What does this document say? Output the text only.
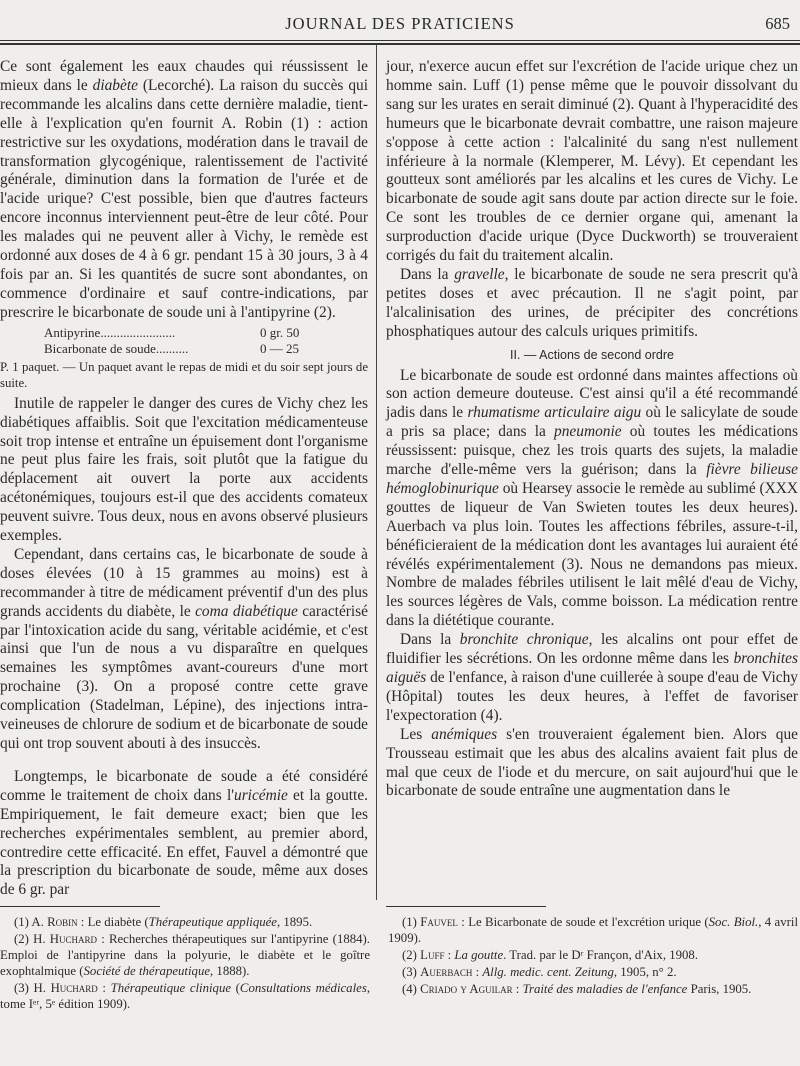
JOURNAL DES PRATICIENS	685

Ce sont également les eaux chaudes qui réussissent le mieux dans le diabète (Lecorché). La raison du succès qui recommande les alcalins dans cette dernière maladie, tient-elle à l'explication qu'en fournit A. Robin (1) : action restrictive sur les oxydations, modération dans le travail de transformation glycogénique, ralentissement de l'activité générale, diminution dans la formation de l'urée et de l'acide urique? C'est possible, bien que d'autres facteurs encore inconnus interviennent peut-être de leur côté. Pour les malades qui ne peuvent aller à Vichy, le remède est ordonné aux doses de 4 à 6 gr. pendant 15 à 30 jours, 3 à 4 fois par an. Si les quantités de sucre sont abondantes, on commence d'ordinaire et sauf contre-indications, par prescrire le bicarbonate de soude uni à l'antipyrine (2).

Antipyrine.......................	0 gr. 50
Bicarbonate de soude..........	0 — 25

P. 1 paquet. — Un paquet avant le repas de midi et du soir sept jours de suite.

Inutile de rappeler le danger des cures de Vichy chez les diabétiques affaiblis. Soit que l'excitation médicamenteuse soit trop intense et entraîne un épuisement dont l'organisme ne peut plus faire les frais, soit plutôt que la fatigue du déplacement ait ouvert la porte aux accidents acétonémiques, toujours est-il que des accidents comateux peuvent suivre. Tous deux, nous en avons observé plusieurs exemples.

Cependant, dans certains cas, le bicarbonate de soude à doses élevées (10 à 15 grammes au moins) est à recommander à titre de médicament préventif d'un des plus grands accidents du diabète, le coma diabétique caractérisé par l'intoxication acide du sang, véritable acidémie, et c'est ainsi que l'un de nous a vu disparaître en quelques semaines les symptômes avant-coureurs d'une mort prochaine (3). On a proposé contre cette grave complication (Stadelman, Lépine), des injections intra-veineuses de chlorure de sodium et de bicarbonate de soude qui ont trop souvent abouti à des insuccès.

Longtemps, le bicarbonate de soude a été considéré comme le traitement de choix dans l'uricémie et la goutte. Empiriquement, le fait demeure exact; bien que les recherches expérimentales semblent, au premier abord, contredire cette efficacité. En effet, Fauvel a démontré que la prescription du bicarbonate de soude, même aux doses de 6 gr. par

jour, n'exerce aucun effet sur l'excrétion de l'acide urique chez un homme sain. Luff (1) pense même que le pouvoir dissolvant du sang sur les urates en serait diminué (2). Quant à l'hyperacidité des humeurs que le bicarbonate devrait combattre, une raison majeure s'oppose à cette action : l'alcalinité du sang n'est nullement inférieure à la normale (Klemperer, M. Lévy). Et cependant les goutteux sont améliorés par les alcalins et les cures de Vichy. Le bicarbonate de soude agit sans doute par action directe sur le foie. Ce sont les troubles de ce dernier organe qui, amenant la surproduction d'acide urique (Dyce Duckworth) se trouveraient corrigés du fait du traitement alcalin.

Dans la gravelle, le bicarbonate de soude ne sera prescrit qu'à petites doses et avec précaution. Il ne s'agit point, par l'alcalinisation des urines, de précipiter des concrétions phosphatiques autour des calculs uriques primitifs.

II. — Actions de second ordre

Le bicarbonate de soude est ordonné dans maintes affections où son action demeure douteuse. C'est ainsi qu'il a été recommandé jadis dans le rhumatisme articulaire aigu où le salicylate de soude a pris sa place; dans la pneumonie où toutes les médications réussissent: puisque, chez les trois quarts des sujets, la maladie marche d'elle-même vers la guérison; dans la fièvre bilieuse hémoglobinurique où Hearsey associe le remède au sublimé (XXX gouttes de liqueur de Van Swieten toutes les deux heures). Auerbach va plus loin. Toutes les affections fébriles, assure-t-il, bénéficieraient de la médication dont les avantages lui auraient été révélés expérimentalement (3). Nous ne demandons pas mieux. Nombre de malades fébriles utilisent le lait mêlé d'eau de Vichy, les sources légères de Vals, comme boisson. La médication rentre dans la diététique courante.

Dans la bronchite chronique, les alcalins ont pour effet de fluidifier les sécrétions. On les ordonne même dans les bronchites aiguës de l'enfance, à raison d'une cuillerée à soupe d'eau de Vichy (Hôpital) toutes les deux heures, à l'effet de favoriser l'expectoration (4).

Les anémiques s'en trouveraient également bien. Alors que Trousseau estimait que les abus des alcalins avaient fait plus de mal que ceux de l'iode et du mercure, on sait aujourd'hui que le bicarbonate de soude entraîne une augmentation dans le

(1) A. Robin : Le diabète (Thérapeutique appliquée, 1895.
(2) H. Huchard : Recherches thérapeutiques sur l'antipyrine (1884). Emploi de l'antipyrine dans la polyurie, le diabète et le goître exophtalmique (Société de thérapeutique, 1888).
(3) H. Huchard : Thérapeutique clinique (Consultations médicales, tome Iᵉʳ, 5ᵉ édition 1909).
(1) Fauvel : Le Bicarbonate de soude et l'excrétion urique (Soc. Biol., 4 avril 1909).
(2) Luff : La goutte. Trad. par le Dʳ Françon, d'Aix, 1908.
(3) Auerbach : Allg. medic. cent. Zeitung, 1905, n° 2.
(4) Criado y Aguilar : Traité des maladies de l'enfance Paris, 1905.
